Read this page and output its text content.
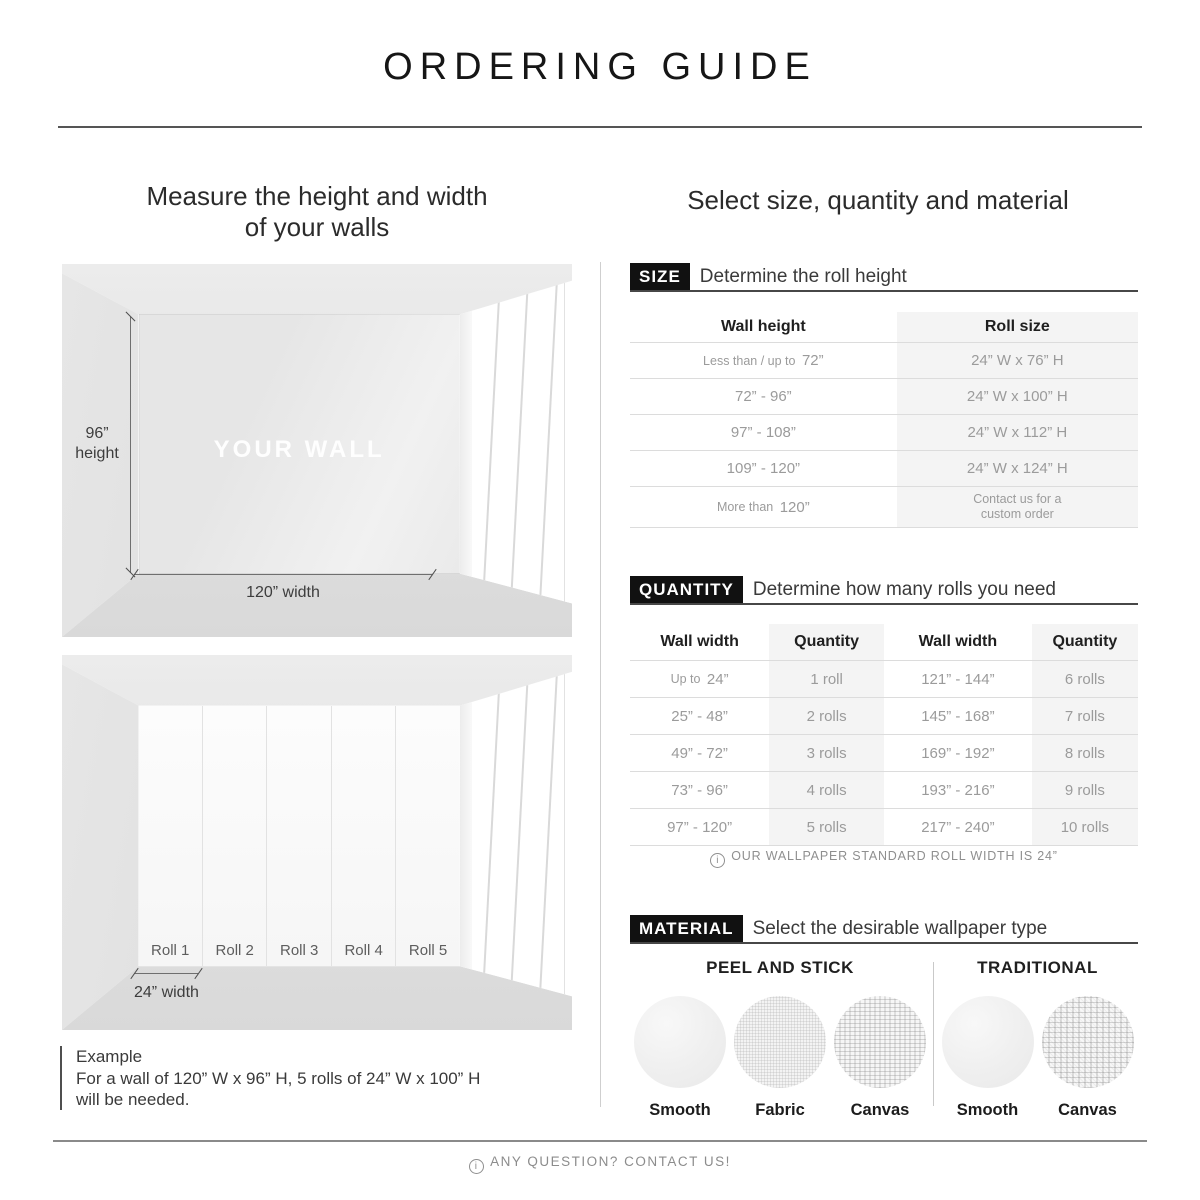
ORDERING GUIDE
Measure the height and width
of your walls
Select size, quantity and material
YOUR WALL
96”
height
120” width
Roll 1	Roll 2	Roll 3	Roll 4	Roll 5
24” width
Example
For a wall of 120” W x 96” H, 5 rolls of 24” W x 100” H
will be needed.
SIZE	Determine the roll height
Wall height	Roll size
Less than / up to 72”	24” W x 76” H
72” - 96”	24” W x 100” H
97” - 108”	24” W x 112” H
109” - 120”	24” W x 124” H
More than 120”	Contact us for a
custom order
QUANTITY	Determine how many rolls you need
Wall width	Quantity	Wall width	Quantity
Up to 24”	1 roll	121” - 144”	6 rolls
25” - 48”	2 rolls	145” - 168”	7 rolls
49” - 72”	3 rolls	169” - 192”	8 rolls
73” - 96”	4 rolls	193” - 216”	9 rolls
97” - 120”	5 rolls	217” - 240”	10 rolls
i OUR WALLPAPER STANDARD ROLL WIDTH IS 24”
MATERIAL	Select the desirable wallpaper type
PEEL AND STICK
Smooth	Fabric	Canvas
TRADITIONAL
Smooth	Canvas
i ANY QUESTION? CONTACT US!
